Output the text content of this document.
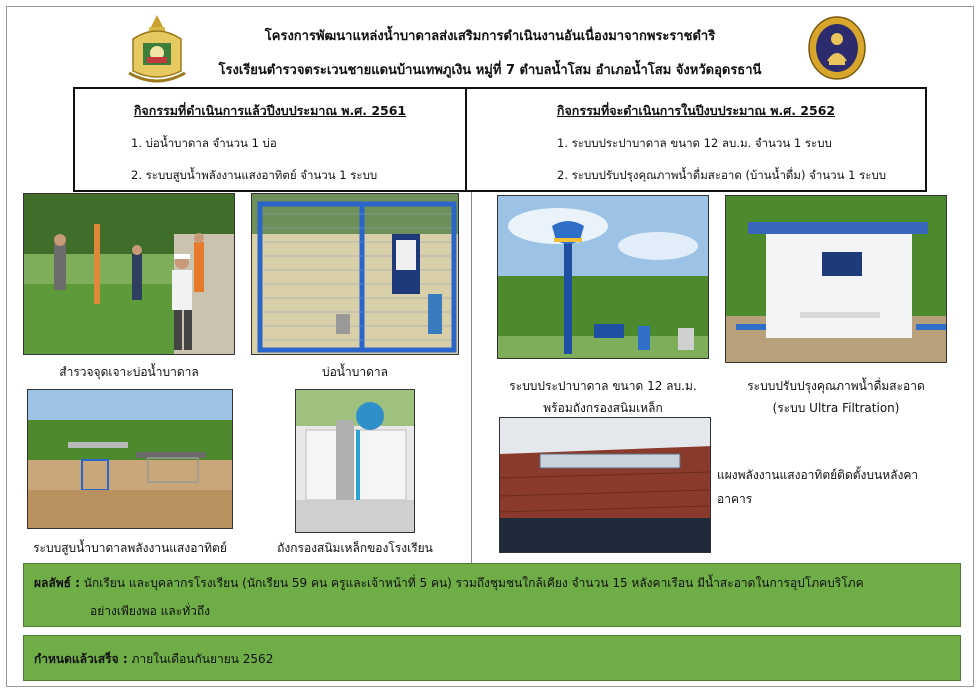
โครงการพัฒนาแหล่งน้ำบาดาลส่งเสริมการดำเนินงานอันเนื่องมาจากพระราชดำริ
โรงเรียนตำรวจตระเวนชายแดนบ้านเทพภูเงิน หมู่ที่ 7 ตำบลน้ำโสม อำเภอน้ำโสม จังหวัดอุดรธานี
กิจกรรมที่ดำเนินการแล้วปีงบประมาณ พ.ศ. 2561
1. บ่อน้ำบาดาล จำนวน 1 บ่อ
2. ระบบสูบน้ำพลังงานแสงอาทิตย์ จำนวน 1 ระบบ
กิจกรรมที่จะดำเนินการในปีงบประมาณ พ.ศ. 2562
1. ระบบประปาบาดาล ขนาด 12 ลบ.ม. จำนวน 1 ระบบ
2. ระบบปรับปรุงคุณภาพน้ำดื่มสะอาด (บ้านน้ำดื่ม) จำนวน 1 ระบบ
สำรวจจุดเจาะบ่อน้ำบาดาล	บ่อน้ำบาดาล
ระบบสูบน้ำบาดาลพลังงานแสงอาทิตย์	ถังกรองสนิมเหล็กของโรงเรียน
ระบบประปาบาดาล ขนาด 12 ลบ.ม.
พร้อมถังกรองสนิมเหล็ก
ระบบปรับปรุงคุณภาพน้ำดื่มสะอาด
(ระบบ Ultra Filtration)
แผงพลังงานแสงอาทิตย์ติดตั้งบนหลังคา
อาคาร
ผลลัพธ์ : นักเรียน และบุคลากรโรงเรียน (นักเรียน 59 คน ครูและเจ้าหน้าที่ 5 คน) รวมถึงชุมชนใกล้เคียง จำนวน 15 หลังคาเรือน มีน้ำสะอาดในการอุปโภคบริโภค
อย่างเพียงพอ และทั่วถึง
กำหนดแล้วเสร็จ : ภายในเดือนกันยายน 2562
